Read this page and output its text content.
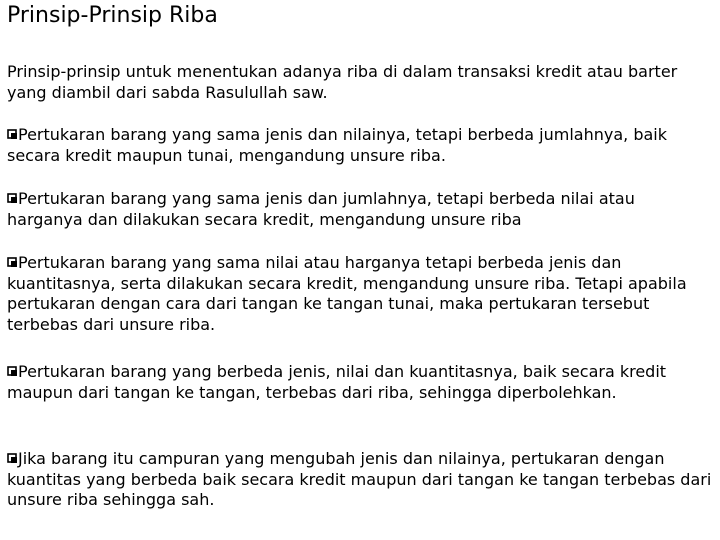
Prinsip-Prinsip Riba
Prinsip-prinsip untuk menentukan adanya riba di dalam transaksi kredit atau barter yang diambil dari sabda Rasulullah saw.
Pertukaran barang yang sama jenis dan nilainya, tetapi berbeda jumlahnya, baik secara kredit maupun tunai, mengandung unsure riba.
Pertukaran barang yang sama jenis dan jumlahnya, tetapi berbeda nilai atau harganya dan dilakukan secara kredit, mengandung unsure riba
Pertukaran barang yang sama nilai atau harganya tetapi berbeda jenis dan kuantitasnya, serta dilakukan secara kredit, mengandung unsure riba. Tetapi apabila pertukaran dengan cara dari tangan ke tangan tunai, maka pertukaran tersebut terbebas dari unsure riba.
Pertukaran barang yang berbeda jenis, nilai dan kuantitasnya, baik secara kredit maupun dari tangan ke tangan, terbebas dari riba, sehingga diperbolehkan.
Jika barang itu campuran yang mengubah jenis dan nilainya, pertukaran dengan kuantitas yang berbeda baik secara kredit maupun dari tangan ke tangan terbebas dari unsure riba sehingga sah.
